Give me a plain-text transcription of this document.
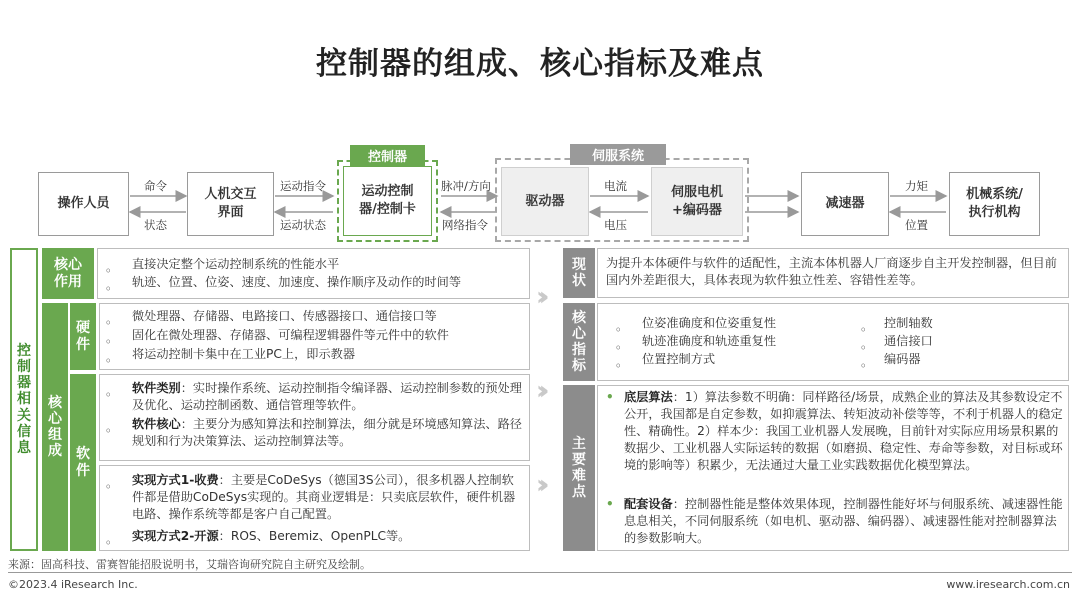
控制器的组成、核心指标及难点
控制器	伺服系统
操作人员
人机交互
界面
运动控制
器/控制卡
驱动器
伺服电机
+编码器	减速器
机械系统/
执行机构
命令
状态
运动指令
运动状态
脉冲/方向
网络指令
电流
电压
力矩
位置
控
制
器
相
关
信
息
核心
作用
。 直接决定整个运动控制系统的性能水平
。 轨迹、位置、位姿、速度、加速度、操作顺序及动作的时间等
核
心
组
成
硬
件
。 微处理器、存储器、电路接口、传感器接口、通信接口等
。 固化在微处理器、存储器、可编程逻辑器件等元件中的软件
。 将运动控制卡集中在工业PC上，即示教器
软
件
。 软件类别：实时操作系统、运动控制指令编译器、运动控制参数的预处理及优化、运动控制函数、通信管理等软件。
。 软件核心：主要分为感知算法和控制算法，细分就是环境感知算法、路径规划和行为决策算法、运动控制算法等。
。 实现方式1-收费：主要是CoDeSys（德国3S公司），很多机器人控制软件都是借助CoDeSys实现的。其商业逻辑是：只卖底层软件，硬件机器电路、操作系统等都是客户自己配置。
。 实现方式2-开源：ROS、Beremiz、OpenPLC等。
››
››
››
现
状
为提升本体硬件与软件的适配性，主流本体机器人厂商逐步自主开发控制器，但目前国内外差距很大，具体表现为软件独立性差、容错性差等。
核
心
指
标
。 位姿准确度和位姿重复性
。 轨迹准确度和轨迹重复性
。 位置控制方式
。 控制轴数
。 通信接口
。 编码器
主
要
难
点
• 底层算法：1）算法参数不明确：同样路径/场景，成熟企业的算法及其参数设定不公开，我国都是自定参数，如抑震算法、转矩波动补偿等等，不利于机器人的稳定性、精确性。2）样本少：我国工业机器人发展晚，目前针对实际应用场景积累的数据少、工业机器人实际运转的数据（如磨损、稳定性、寿命等参数，对目标或环境的影响等）积累少，无法通过大量工业实践数据优化模型算法。
• 配套设备：控制器性能是整体效果体现，控制器性能好坏与伺服系统、减速器性能息息相关，不同伺服系统（如电机、驱动器、编码器）、减速器性能对控制器算法的参数影响大。
来源：固高科技、雷赛智能招股说明书，艾瑞咨询研究院自主研究及绘制。
©2023.4 iResearch Inc.	www.iresearch.com.cn
